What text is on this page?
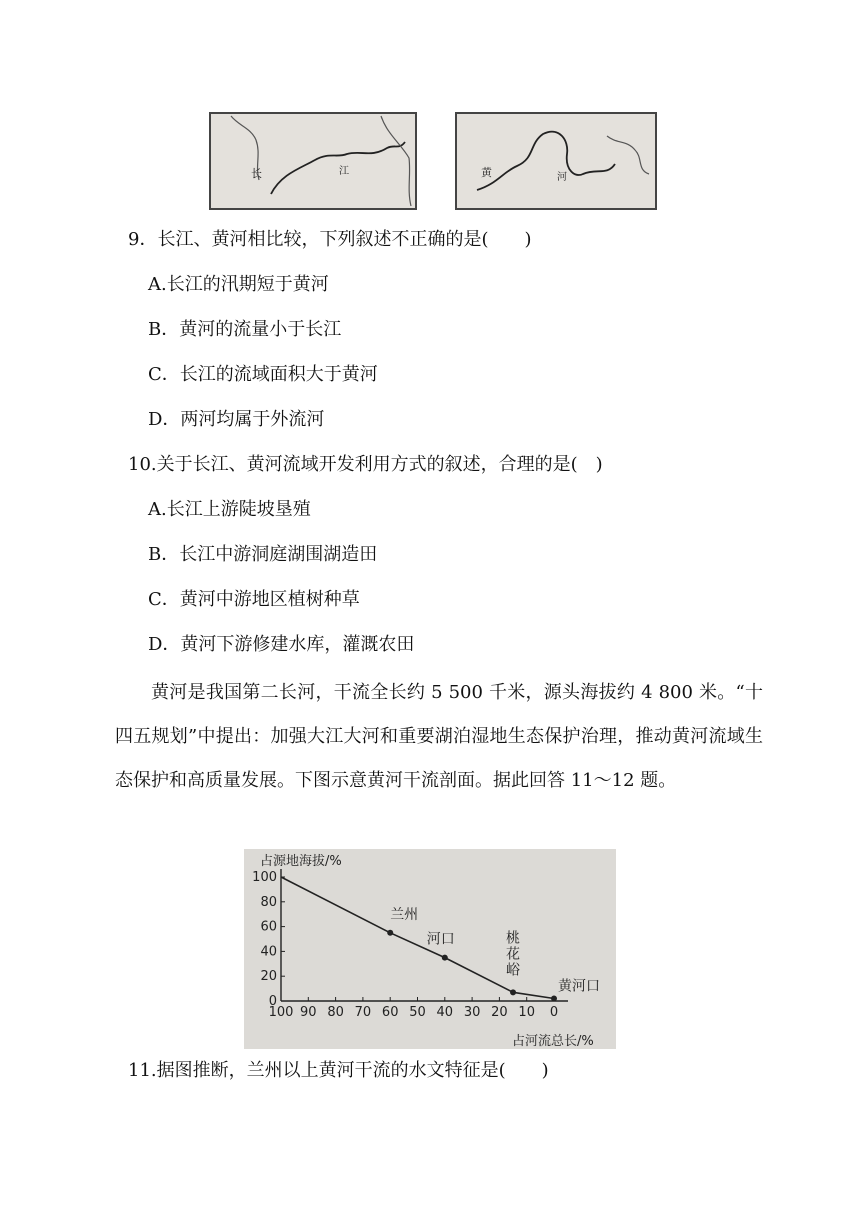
长	江	黄	河
9．长江、黄河相比较，下列叙述不正确的是(　　)
A.长江的汛期短于黄河
B．黄河的流量小于长江
C．长江的流域面积大于黄河
D．两河均属于外流河
10.关于长江、黄河流域开发利用方式的叙述，合理的是(　)
A.长江上游陡坡垦殖
B．长江中游洞庭湖围湖造田
C．黄河中游地区植树种草
D．黄河下游修建水库，灌溉农田
黄河是我国第二长河，干流全长约 5 500 千米，源头海拔约 4 800 米。“十四五规划”中提出：加强大江大河和重要湖泊湿地生态保护治理，推动黄河流域生态保护和高质量发展。下图示意黄河干流剖面。据此回答 11～12 题。
占源地海拔/%
占河流总长/%
100 90 80 70 60 50 40 30 20 10 0
0
20
40
60
80
100
兰州
河口	桃
花
峪
黄河口
11.据图推断，兰州以上黄河干流的水文特征是(　　)
